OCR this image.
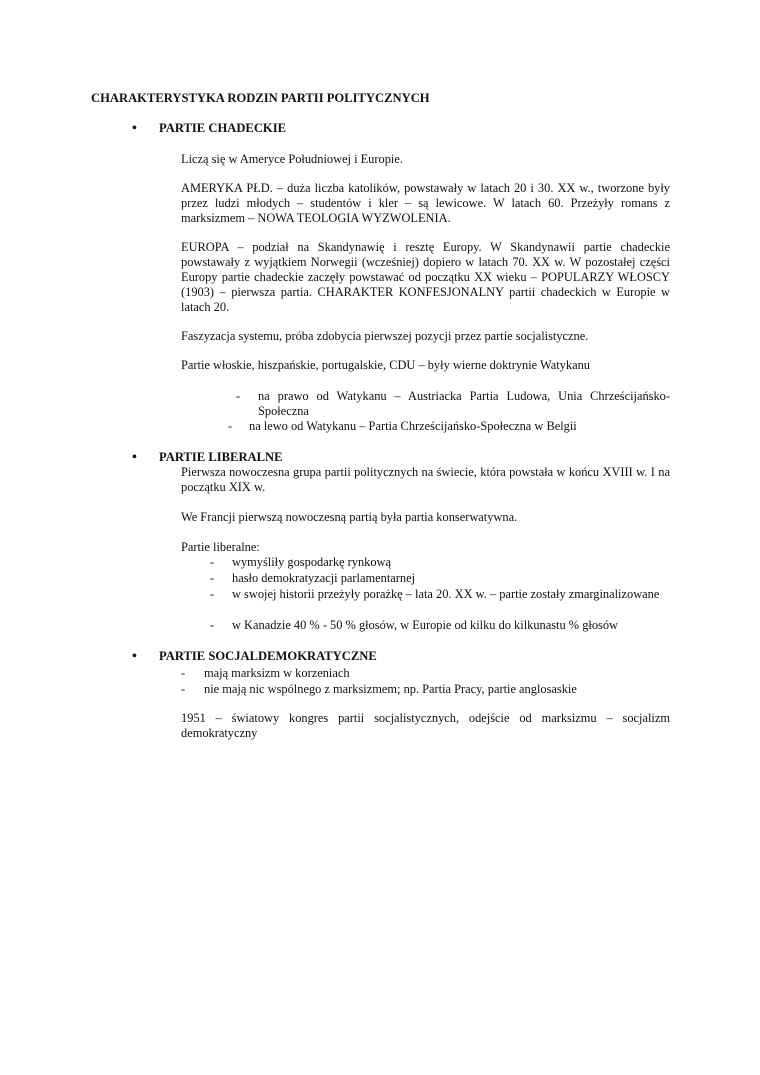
CHARAKTERYSTYKA RODZIN PARTII POLITYCZNYCH
• PARTIE CHADECKIE
Liczą się w Ameryce Południowej i Europie.
AMERYKA PŁD. – duża liczba katolików, powstawały w latach 20 i 30. XX w., tworzone były przez ludzi młodych – studentów i kler – są lewicowe. W latach 60. Przeżyły romans z marksizmem – NOWA TEOLOGIA WYZWOLENIA.
EUROPA – podział na Skandynawię i resztę Europy. W Skandynawii partie chadeckie powstawały z wyjątkiem Norwegii (wcześniej) dopiero w latach 70. XX w. W pozostałej części Europy partie chadeckie zaczęły powstawać od początku XX wieku – POPULARZY WŁOSCY (1903) – pierwsza partia. CHARAKTER KONFESJONALNY partii chadeckich w Europie w latach 20.
Faszyzacja systemu, próba zdobycia pierwszej pozycji przez partie socjalistyczne.
Partie włoskie, hiszpańskie, portugalskie, CDU – były wierne doktrynie Watykanu
-	na prawo od Watykanu – Austriacka Partia Ludowa, Unia Chrześcijańsko-Społeczna
-	na lewo od Watykanu – Partia Chrześcijańsko-Społeczna w Belgii
• PARTIE LIBERALNE
Pierwsza nowoczesna grupa partii politycznych na świecie, która powstała w końcu XVIII w. I na początku XIX w.
We Francji pierwszą nowoczesną partią była partia konserwatywna.
Partie liberalne:
-	wymyśliły gospodarkę rynkową
-	hasło demokratyzacji parlamentarnej
-	w swojej historii przeżyły porażkę – lata 20. XX w. – partie zostały zmarginalizowane
-	w Kanadzie 40 % - 50 % głosów, w Europie od kilku do kilkunastu % głosów
• PARTIE SOCJALDEMOKRATYCZNE
-	mają marksizm w korzeniach
-	nie mają nic wspólnego z marksizmem; np. Partia Pracy, partie anglosaskie
1951 – światowy kongres partii socjalistycznych, odejście od marksizmu – socjalizm demokratyczny
